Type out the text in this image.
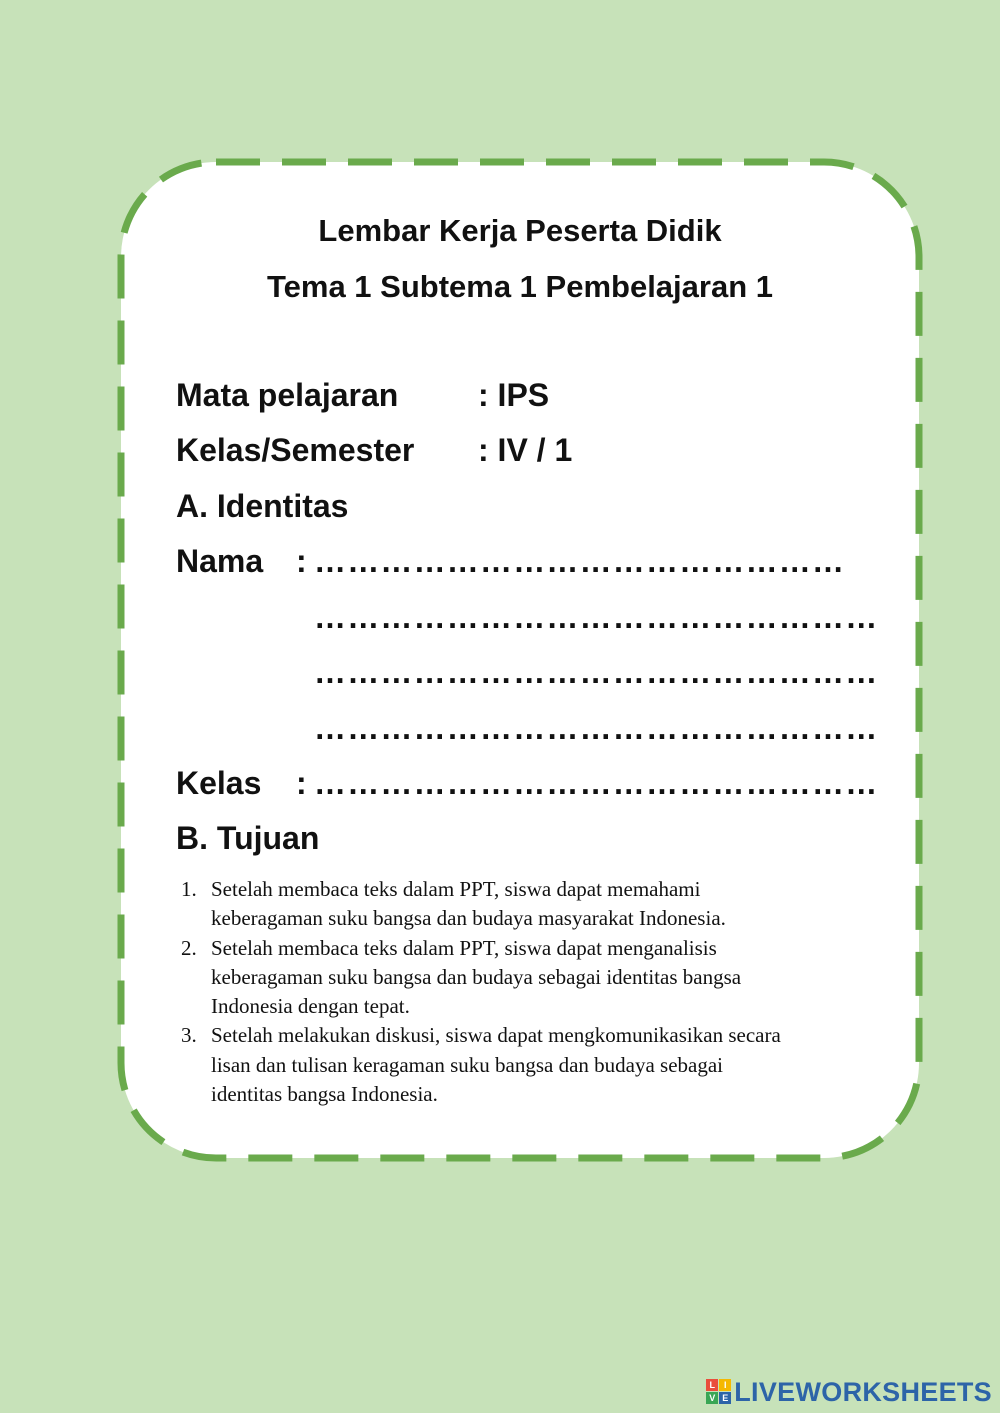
Lembar Kerja Peserta Didik
Tema 1 Subtema 1 Pembelajaran 1
Mata pelajaran : IPS
Kelas/Semester : IV / 1
A. Identitas
Nama : …………………………………………
……………………………………………
……………………………………………
……………………………………………
Kelas : ……………………………………………
B. Tujuan
1. Setelah membaca teks dalam PPT, siswa dapat memahami
keberagaman suku bangsa dan budaya masyarakat Indonesia.
2. Setelah membaca teks dalam PPT, siswa dapat menganalisis
keberagaman suku bangsa dan budaya sebagai identitas bangsa
Indonesia dengan tepat.
3. Setelah melakukan diskusi, siswa dapat mengkomunikasikan secara
lisan dan tulisan keragaman suku bangsa dan budaya sebagai
identitas bangsa Indonesia.
L I
V E LIVEWORKSHEETS
